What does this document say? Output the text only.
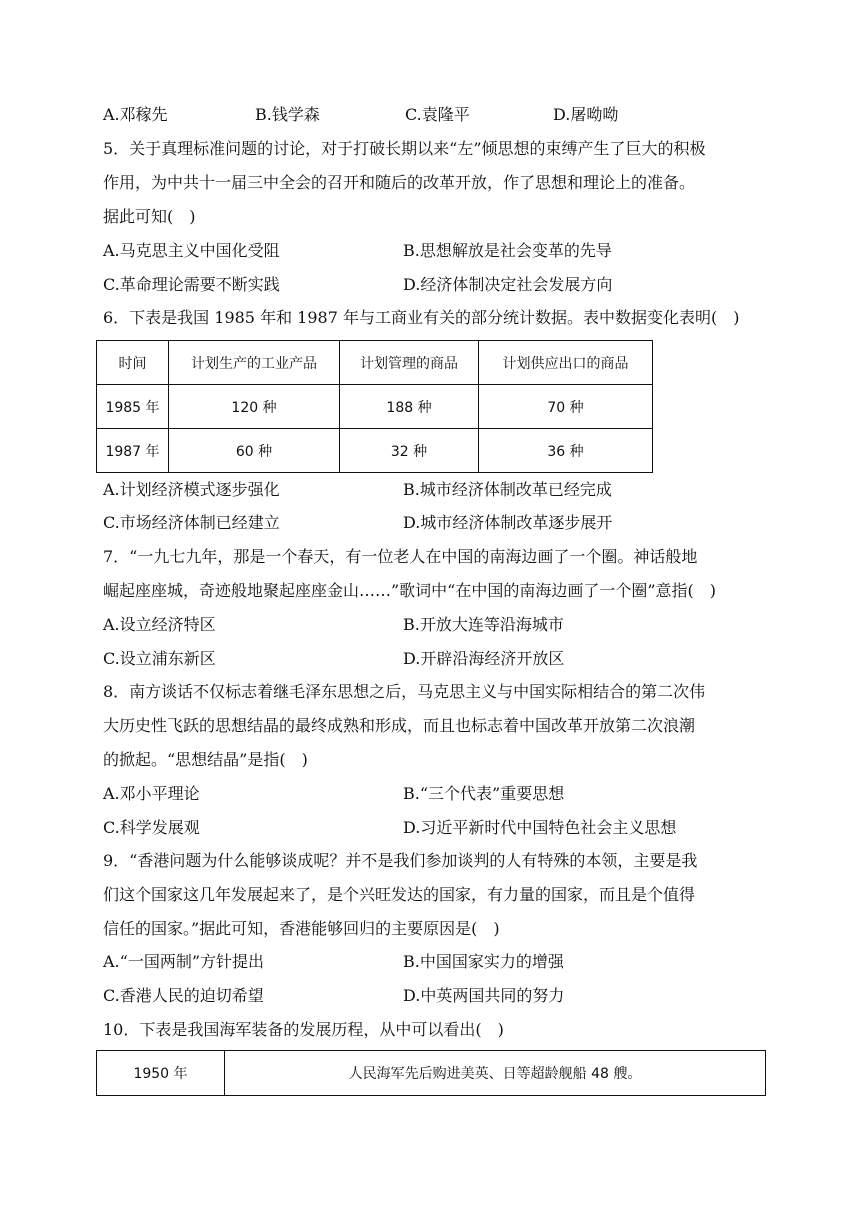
A.邓稼先	B.钱学森	C.袁隆平	D.屠呦呦
5．关于真理标准问题的讨论，对于打破长期以来“左”倾思想的束缚产生了巨大的积极
作用，为中共十一届三中全会的召开和随后的改革开放，作了思想和理论上的准备。
据此可知(　)
A.马克思主义中国化受阻	B.思想解放是社会变革的先导
C.革命理论需要不断实践	D.经济体制决定社会发展方向
6．下表是我国 1985 年和 1987 年与工商业有关的部分统计数据。表中数据变化表明(　)
时间	计划生产的工业产品	计划管理的商品	计划供应出口的商品
1985 年	120 种	188 种	70 种
1987 年	60 种	32 种	36 种
A.计划经济模式逐步强化	B.城市经济体制改革已经完成
C.市场经济体制已经建立	D.城市经济体制改革逐步展开
7．“一九七九年，那是一个春天，有一位老人在中国的南海边画了一个圈。神话般地
崛起座座城，奇迹般地聚起座座金山……”歌词中“在中国的南海边画了一个圈”意指(　)
A.设立经济特区	B.开放大连等沿海城市
C.设立浦东新区	D.开辟沿海经济开放区
8．南方谈话不仅标志着继毛泽东思想之后，马克思主义与中国实际相结合的第二次伟
大历史性飞跃的思想结晶的最终成熟和形成，而且也标志着中国改革开放第二次浪潮
的掀起。“思想结晶”是指(　)
A.邓小平理论	B.“三个代表”重要思想
C.科学发展观	D.习近平新时代中国特色社会主义思想
9．“香港问题为什么能够谈成呢？并不是我们参加谈判的人有特殊的本领，主要是我
们这个国家这几年发展起来了，是个兴旺发达的国家，有力量的国家，而且是个值得
信任的国家。”据此可知，香港能够回归的主要原因是(　)
A.“一国两制”方针提出	B.中国国家实力的增强
C.香港人民的迫切希望	D.中英两国共同的努力
10．下表是我国海军装备的发展历程，从中可以看出(　)
1950 年	人民海军先后购进美英、日等超龄舰船 48 艘。
